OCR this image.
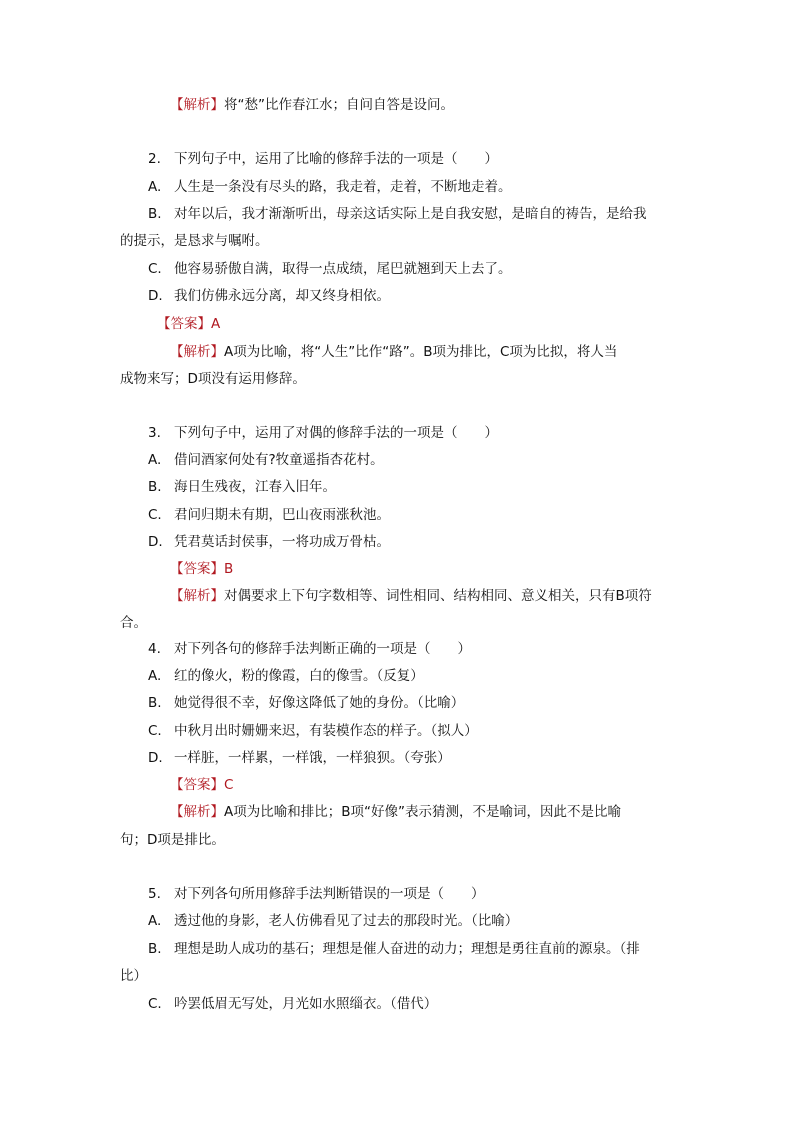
【解析】将“愁”比作春江水；自问自答是设问。
2. 下列句子中，运用了比喻的修辞手法的一项是（　　）
A. 人生是一条没有尽头的路，我走着，走着，不断地走着。
B. 对年以后，我才渐渐听出，母亲这话实际上是自我安慰，是暗自的祷告，是给我
的提示，是恳求与嘱咐。
C. 他容易骄傲自满，取得一点成绩，尾巴就翘到天上去了。
D. 我们仿佛永远分离，却又终身相依。
【答案】A
【解析】A项为比喻，将“人生”比作“路”。B项为排比，C项为比拟，将人当
成物来写；D项没有运用修辞。
3. 下列句子中，运用了对偶的修辞手法的一项是（　　）
A. 借问酒家何处有?牧童遥指杏花村。
B. 海日生残夜，江春入旧年。
C. 君问归期未有期，巴山夜雨涨秋池。
D. 凭君莫话封侯事，一将功成万骨枯。
【答案】B
【解析】对偶要求上下句字数相等、词性相同、结构相同、意义相关，只有B项符
合。
4. 对下列各句的修辞手法判断正确的一项是（　　）
A. 红的像火，粉的像霞，白的像雪。（反复）
B. 她觉得很不幸，好像这降低了她的身份。（比喻）
C. 中秋月出时姗姗来迟，有装模作态的样子。（拟人）
D. 一样脏，一样累，一样饿，一样狼狈。（夸张）
【答案】C
【解析】A项为比喻和排比；B项“好像”表示猜测，不是喻词，因此不是比喻
句；D项是排比。
5. 对下列各句所用修辞手法判断错误的一项是（　　）
A. 透过他的身影，老人仿佛看见了过去的那段时光。（比喻）
B. 理想是助人成功的基石；理想是催人奋进的动力；理想是勇往直前的源泉。（排
比）
C. 吟罢低眉无写处，月光如水照缁衣。（借代）
